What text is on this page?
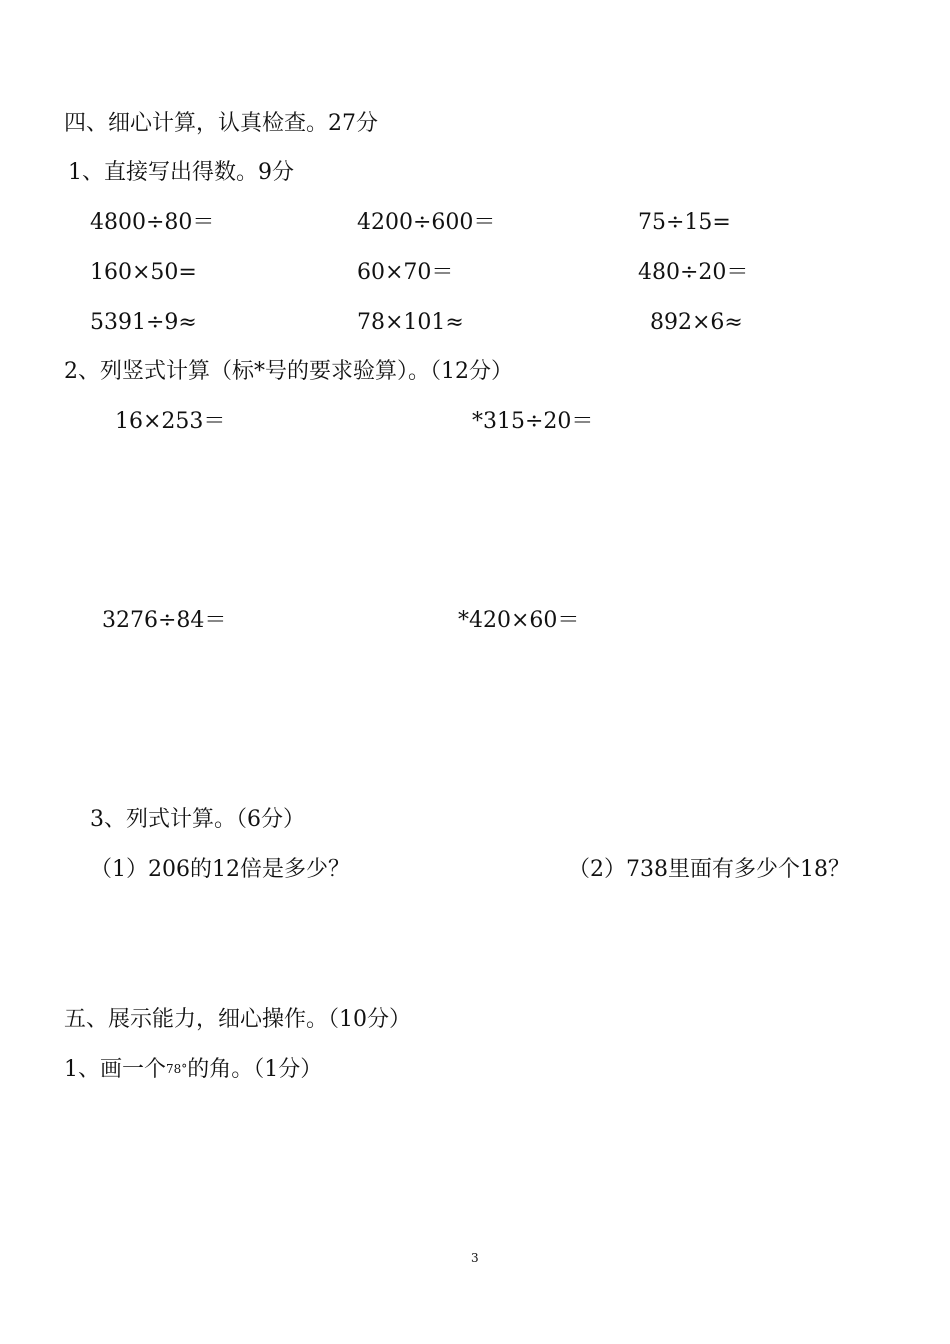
四、细心计算，认真检查。27分
1、直接写出得数。9分
4800÷80＝	4200÷600＝	75÷15=
160×50=	60×70＝	480÷20＝
5391÷9≈	78×101≈	892×6≈
2、列竖式计算（标*号的要求验算）。（12分）
16×253＝	*315÷20＝
3276÷84＝	*420×60＝
3、列式计算。（6分）
（1）206的12倍是多少？	（2）738里面有多少个18？
五、展示能力，细心操作。（10分）
1、画一个78°的角。（1分）
3
